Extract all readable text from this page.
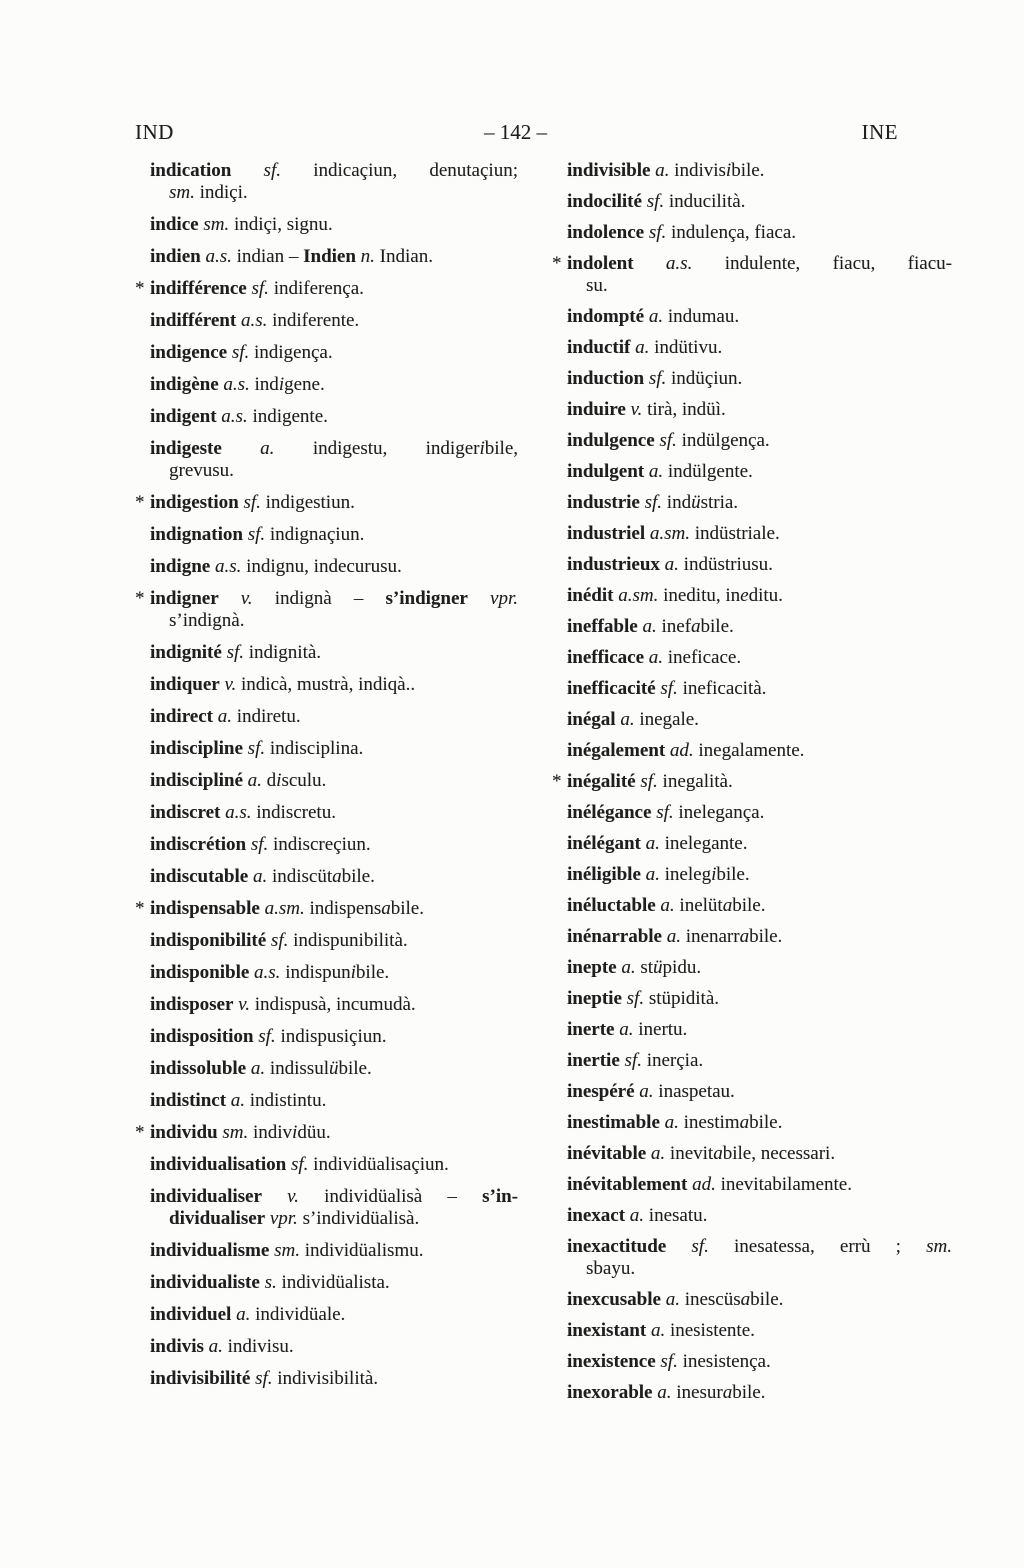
IND	– 142 –	INE
indication sf. indicaçiun, denutaçiun;
sm. indiçi.
indice sm. indiçi, signu.
indien a.s. indian – Indien n. Indian.
* indifférence sf. indiferença.
indifférent a.s. indiferente.
indigence sf. indigença.
indigène a.s. indigene.
indigent a.s. indigente.
indigeste a. indigestu, indigeribile,
grevusu.
* indigestion sf. indigestiun.
indignation sf. indignaçiun.
indigne a.s. indignu, indecurusu.
* indigner v. indignà – s’indigner vpr.
s’indignà.
indignité sf. indignità.
indiquer v. indicà, mustrà, indiqà..
indirect a. indiretu.
indiscipline sf. indisciplina.
indiscipliné a. disculu.
indiscret a.s. indiscretu.
indiscrétion sf. indiscreçiun.
indiscutable a. indiscütabile.
* indispensable a.sm. indispensabile.
indisponibilité sf. indispunibilità.
indisponible a.s. indispunibile.
indisposer v. indispusà, incumudà.
indisposition sf. indispusiçiun.
indissoluble a. indissulübile.
indistinct a. indistintu.
* individu sm. individüu.
individualisation sf. individüalisaçiun.
individualiser v. individüalisà – s’in-
dividualiser vpr. s’individüalisà.
individualisme sm. individüalismu.
individualiste s. individüalista.
individuel a. individüale.
indivis a. indivisu.
indivisibilité sf. indivisibilità.
indivisible a. indivisibile.
indocilité sf. inducilità.
indolence sf. indulença, fiaca.
* indolent a.s. indulente, fiacu, fiacu-
su.
indompté a. indumau.
inductif a. indütivu.
induction sf. indüçiun.
induire v. tirà, indüì.
indulgence sf. indülgença.
indulgent a. indülgente.
industrie sf. indüstria.
industriel a.sm. indüstriale.
industrieux a. indüstriusu.
inédit a.sm. ineditu, ineditu.
ineffable a. inefabile.
inefficace a. ineficace.
inefficacité sf. ineficacità.
inégal a. inegale.
inégalement ad. inegalamente.
* inégalité sf. inegalità.
inélégance sf. inelegança.
inélégant a. inelegante.
inéligible a. inelegibile.
inéluctable a. inelütabile.
inénarrable a. inenarrabile.
inepte a. stüpidu.
ineptie sf. stüpidità.
inerte a. inertu.
inertie sf. inerçia.
inespéré a. inaspetau.
inestimable a. inestimabile.
inévitable a. inevitabile, necessari.
inévitablement ad. inevitabilamente.
inexact a. inesatu.
inexactitude sf. inesatessa, errù ; sm.
sbayu.
inexcusable a. inescüsabile.
inexistant a. inesistente.
inexistence sf. inesistença.
inexorable a. inesurabile.
